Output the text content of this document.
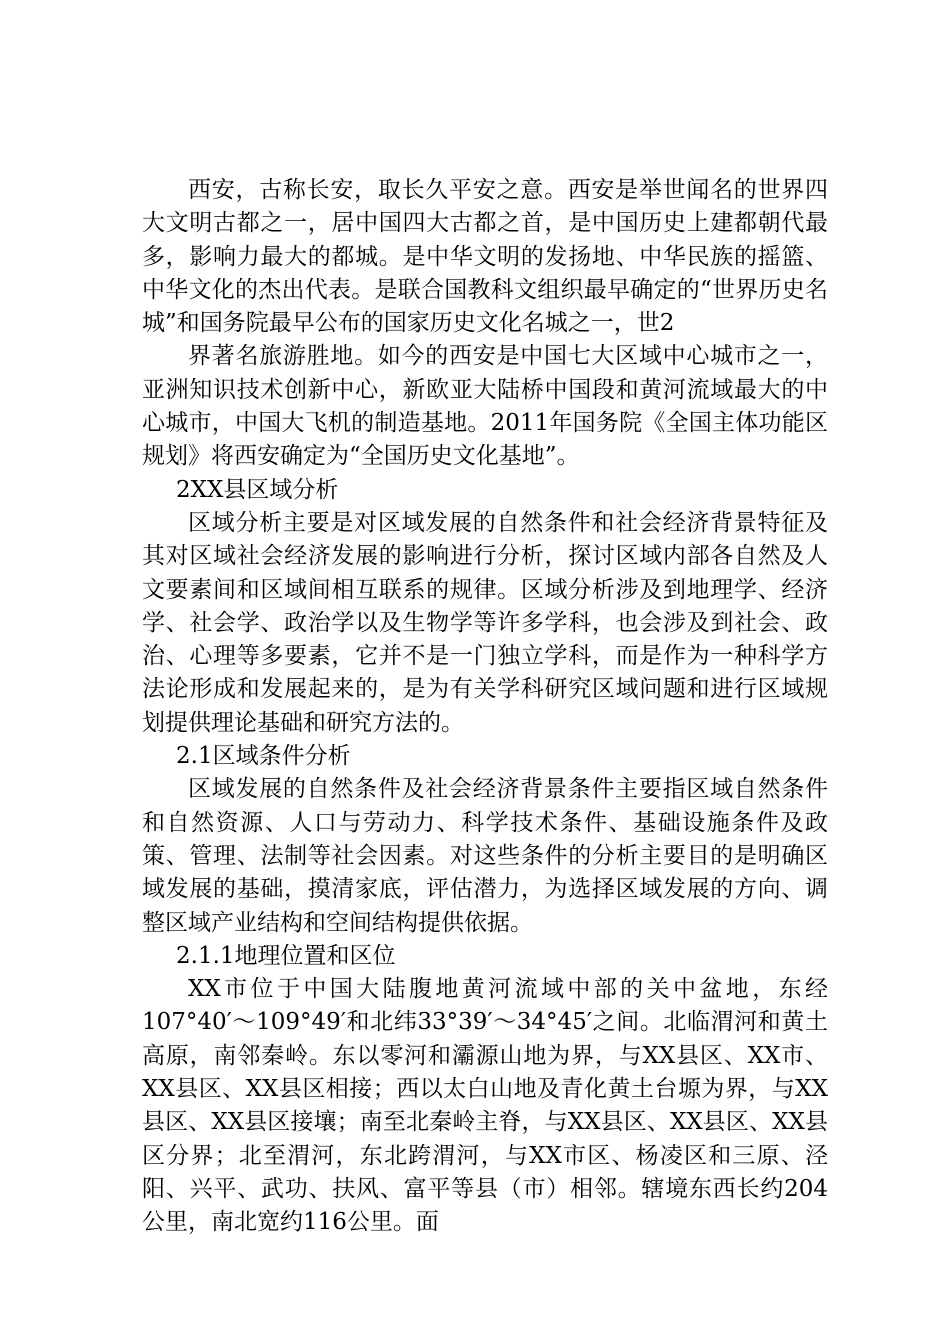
西安，古称长安，取长久平安之意。西安是举世闻名的世界四大文明古都之一，居中国四大古都之首，是中国历史上建都朝代最多，影响力最大的都城。是中华文明的发扬地、中华民族的摇篮、中华文化的杰出代表。是联合国教科文组织最早确定的“世界历史名城”和国务院最早公布的国家历史文化名城之一，世2

界著名旅游胜地。如今的西安是中国七大区域中心城市之一，亚洲知识技术创新中心，新欧亚大陆桥中国段和黄河流域最大的中心城市，中国大飞机的制造基地。2011年国务院《全国主体功能区规划》将西安确定为“全国历史文化基地”。

2XX县区域分析

区域分析主要是对区域发展的自然条件和社会经济背景特征及其对区域社会经济发展的影响进行分析，探讨区域内部各自然及人文要素间和区域间相互联系的规律。区域分析涉及到地理学、经济学、社会学、政治学以及生物学等许多学科，也会涉及到社会、政治、心理等多要素，它并不是一门独立学科，而是作为一种科学方法论形成和发展起来的，是为有关学科研究区域问题和进行区域规划提供理论基础和研究方法的。

2.1区域条件分析

区域发展的自然条件及社会经济背景条件主要指区域自然条件和自然资源、人口与劳动力、科学技术条件、基础设施条件及政策、管理、法制等社会因素。对这些条件的分析主要目的是明确区域发展的基础，摸清家底，评估潜力，为选择区域发展的方向、调整区域产业结构和空间结构提供依据。

2.1.1地理位置和区位

XX市位于中国大陆腹地黄河流域中部的关中盆地，东经107°40′～109°49′和北纬33°39′～34°45′之间。北临渭河和黄土高原，南邻秦岭。东以零河和灞源山地为界，与XX县区、XX市、XX县区、XX县区相接；西以太白山地及青化黄土台塬为界，与XX县区、XX县区接壤；南至北秦岭主脊，与XX县区、XX县区、XX县区分界；北至渭河，东北跨渭河，与XX市区、杨凌区和三原、泾阳、兴平、武功、扶风、富平等县（市）相邻。辖境东西长约204公里，南北宽约116公里。面
